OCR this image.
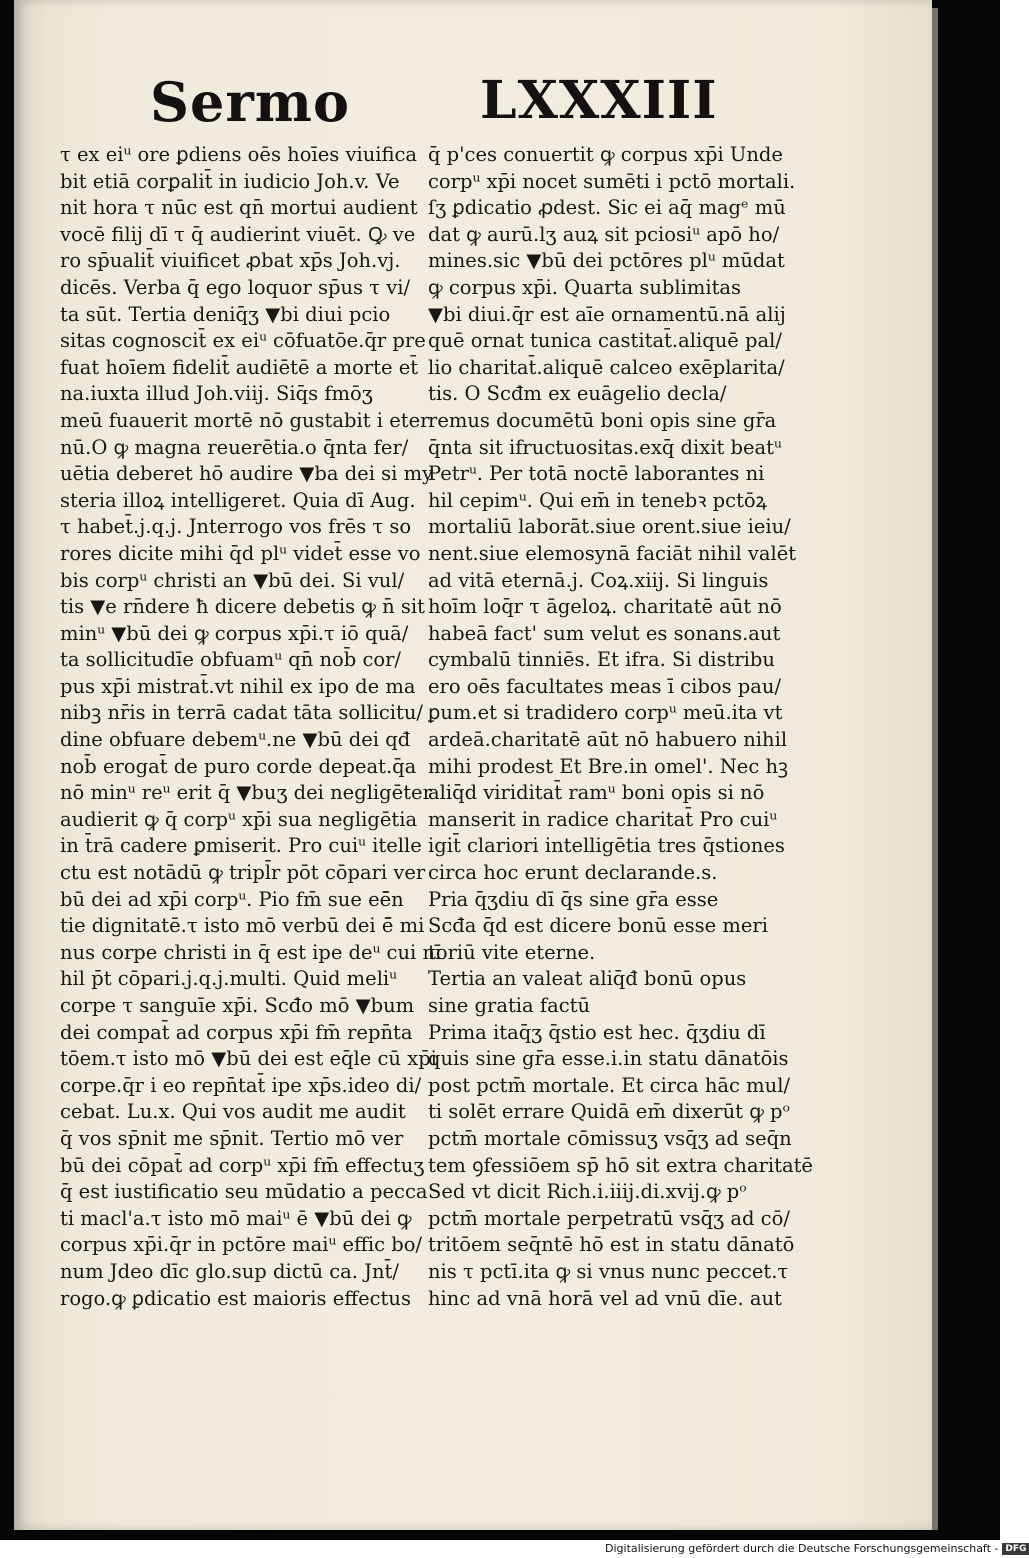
Sermo	LXXXIII
τ ex eiᵘ ore ꝑdiens oēs hoīes viuifica
bit etiā corꝑalit̄ in iudicio Joh.v. Ve
nit hora τ nūc est qn̄ mortui audient
vocē filij dī τ q̄ audierint viuēt. Ꝙ ve
ro sp̄ualit̄ viuificet ꝓbat xp̄s Joh.vj.
dicēs. Verba q̄ ego loquor sp̄us τ vi/
ta sūt. Tertia deniq̄ʒ ▼bi diui pcio
sitas cognoscit̄ ex eiᵘ cōfuatōe.q̄r pre
fuat hoīem fidelit̄ audiētē a morte et̄
na.iuxta illud Joh.viij. Siq̄s fmōʒ
meū fuauerit mortē nō gustabit i eter
nū.O ꝙ magna reuerētia.o q̄nta fer/
uētia deberet hō audire ▼ba dei si my
steria illoꝝ intelligeret. Quia dī Aug.
τ habet̄.j.q.j. Jnterrogo vos frēs τ so
rores dicite mihi q̄d plᵘ videt̄ esse vo
bis corpᵘ christi an ▼bū dei. Si vul/
tis ▼e rn̄dere ħ dicere debetis ꝙ n̄ sit
minᵘ ▼bū dei ꝙ corpus xp̄i.τ iō quā/
ta sollicitudīe obfuamᵘ qn̄ nob̄ cor/
pus xp̄i mistrat̄.vt nihil ex ipo de ma
nibꝫ nr̄is in terrā cadat tāta sollicitu/
dine obfuare debemᵘ.ne ▼bū dei qđ
nob̄ erogat̄ de puro corde depeat.q̄a
nō minᵘ reᵘ erit q̄ ▼buʒ dei negligēter
audierit ꝙ q̄ corpᵘ xp̄i sua negligētia
in t̄rā cadere ꝑmiserit. Pro cuiᵘ itelle
ctu est notādū ꝙ tripl̄r pōt cōpari ver
bū dei ad xp̄i corpᵘ. Pio fm̄ sue eē̄n
tie dignitatē.τ isto mō verbū dei ē̄ mi
nus corpe christi in q̄ est ipe deᵘ cui nī
hil p̄t cōpari.j.q.j.multi. Quid meliᵘ
corpe τ sanguīe xp̄i. Scđo mō ▼bum
dei compat̄ ad corpus xp̄i fm̄ repn̄ta
tōem.τ isto mō ▼bū dei est eq̄le cū xp̄i
corpe.q̄r i eo repn̄tat̄ ipe xp̄s.ideo di/
cebat. Lu.x. Qui vos audit me audit
q̄ vos sp̄nit me sp̄nit. Tertio mō ver
bū dei cōpat̄ ad corpᵘ xp̄i fm̄ effectuʒ
q̄ est iustificatio seu mūdatio a pecca
ti macl'a.τ isto mō maiᵘ ē ▼bū dei ꝙ
corpus xp̄i.q̄r in pctōre maiᵘ effic bo/
num Jdeo dīc glo.sup dictū ca. Jnt̄/
rogo.ꝙ ꝑdicatio est maioris effectus
q̄ p'ces conuertit ꝙ corpus xp̄i Unde
corpᵘ xp̄i nocet sumēti i pctō mortali.
ſʒ ꝑdicatio ꝓdest. Sic ei aq̄ magᵉ mū
dat ꝙ aurū.lʒ auꝝ sit pciosiᵘ apō ho/
mines.sic ▼bū dei pctōres plᵘ mūdat
ꝙ corpus xp̄i. Quarta sublimitas
▼bi diui.q̄r est aīe ornamentū.nā alij
quē ornat tunica castitat̄.aliquē pal/
lio charitat̄.aliquē calceo exēplarita/
tis. O Scđm ex euāgelio decla/
remus documētū boni opis sine gr̄a
q̄nta sit ifructuositas.exq̄ dixit beatᵘ
Petrᵘ. Per totā noctē laborantes ni
hil cepimᵘ. Qui em̄ in tenebꝛ pctōꝝ
mortaliū laborāt.siue orent.siue ieiu/
nent.siue elemosynā faciāt nihil valēt
ad vitā eternā.j. Coꝝ.xiij. Si linguis
hoīm loq̄r τ āgeloꝝ. charitatē aūt nō
habeā fact' sum velut es sonans.aut
cymbalū tinniēs. Et ifra. Si distribu
ero oēs facultates meas ī cibos pau/
ꝑum.et si tradidero corpᵘ meū.ita vt
ardeā.charitatē aūt nō habuero nihil
mihi prodest Et Bre.in omel'. Nec hꝫ
aliq̄d viriditat̄ ramᵘ boni opis si nō
manserit in radice charitat̄ Pro cuiᵘ
igit̄ clariori intelligētia tres q̄stiones
circa hoc erunt declarande.s.
Pria q̄ʒdiu dī q̄s sine gr̄a esse
Scđa q̄d est dicere bonū esse meri
toriū vite eterne.
Tertia an valeat aliq̄đ bonū opus
sine gratia factū
Prima itaq̄ʒ q̄stio est hec. q̄ʒdiu dī
quis sine gr̄a esse.i.in statu dānatōis
post pctm̄ mortale. Et circa hāc mul/
ti solēt errare Quidā em̄ dixerūt ꝙ pᵒ
pctm̄ mortale cōmissuʒ vsq̄ʒ ad seq̄n
tem ꝯfessiōem sp̄ hō sit extra charitatē
Sed vt dicit Rich.i.iiij.di.xvij.ꝙ pᵒ
pctm̄ mortale perpetratū vsq̄ʒ ad cō/
tritōem seq̄ntē hō est in statu dānatō
nis τ pctī.ita ꝙ si vnus nunc peccet.τ
hinc ad vnā horā vel ad vnū dīe. aut
Digitalisierung gefördert durch die Deutsche Forschungsgemeinschaft - DFG
